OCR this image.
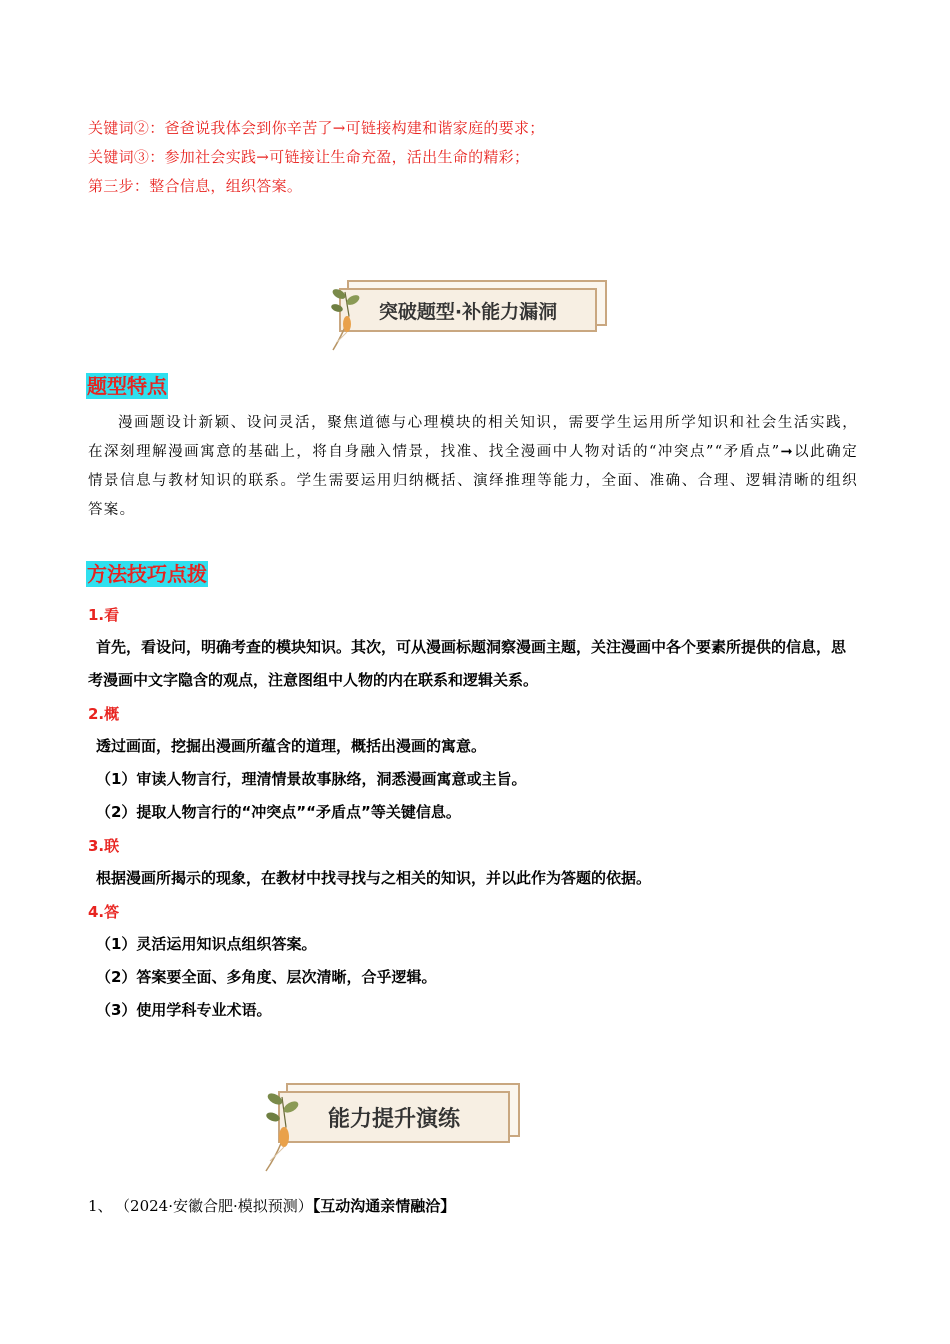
关键词②：爸爸说我体会到你辛苦了→可链接构建和谐家庭的要求；
关键词③：参加社会实践→可链接让生命充盈，活出生命的精彩；
第三步：整合信息，组织答案。
突破题型·补能力漏洞
题型特点
漫画题设计新颖、设问灵活，聚焦道德与心理模块的相关知识，需要学生运用所学知识和社会生活实践，在深刻理解漫画寓意的基础上，将自身融入情景，找准、找全漫画中人物对话的“冲突点”“矛盾点”➞以此确定情景信息与教材知识的联系。学生需要运用归纳概括、演绎推理等能力，全面、准确、合理、逻辑清晰的组织答案。
方法技巧点拨
1.看
首先，看设问，明确考查的模块知识。其次，可从漫画标题洞察漫画主题，关注漫画中各个要素所提供的信息，思考漫画中文字隐含的观点，注意图组中人物的内在联系和逻辑关系。
2.概
透过画面，挖掘出漫画所蕴含的道理，概括出漫画的寓意。
（1）审读人物言行，理清情景故事脉络，洞悉漫画寓意或主旨。
（2）提取人物言行的“冲突点”“矛盾点”等关键信息。
3.联
根据漫画所揭示的现象，在教材中找寻找与之相关的知识，并以此作为答题的依据。
4.答
（1）灵活运用知识点组织答案。
（2）答案要全面、多角度、层次清晰，合乎逻辑。
（3）使用学科专业术语。
能力提升演练
1、 （2024·安徽合肥·模拟预测）【互动沟通亲情融洽】
